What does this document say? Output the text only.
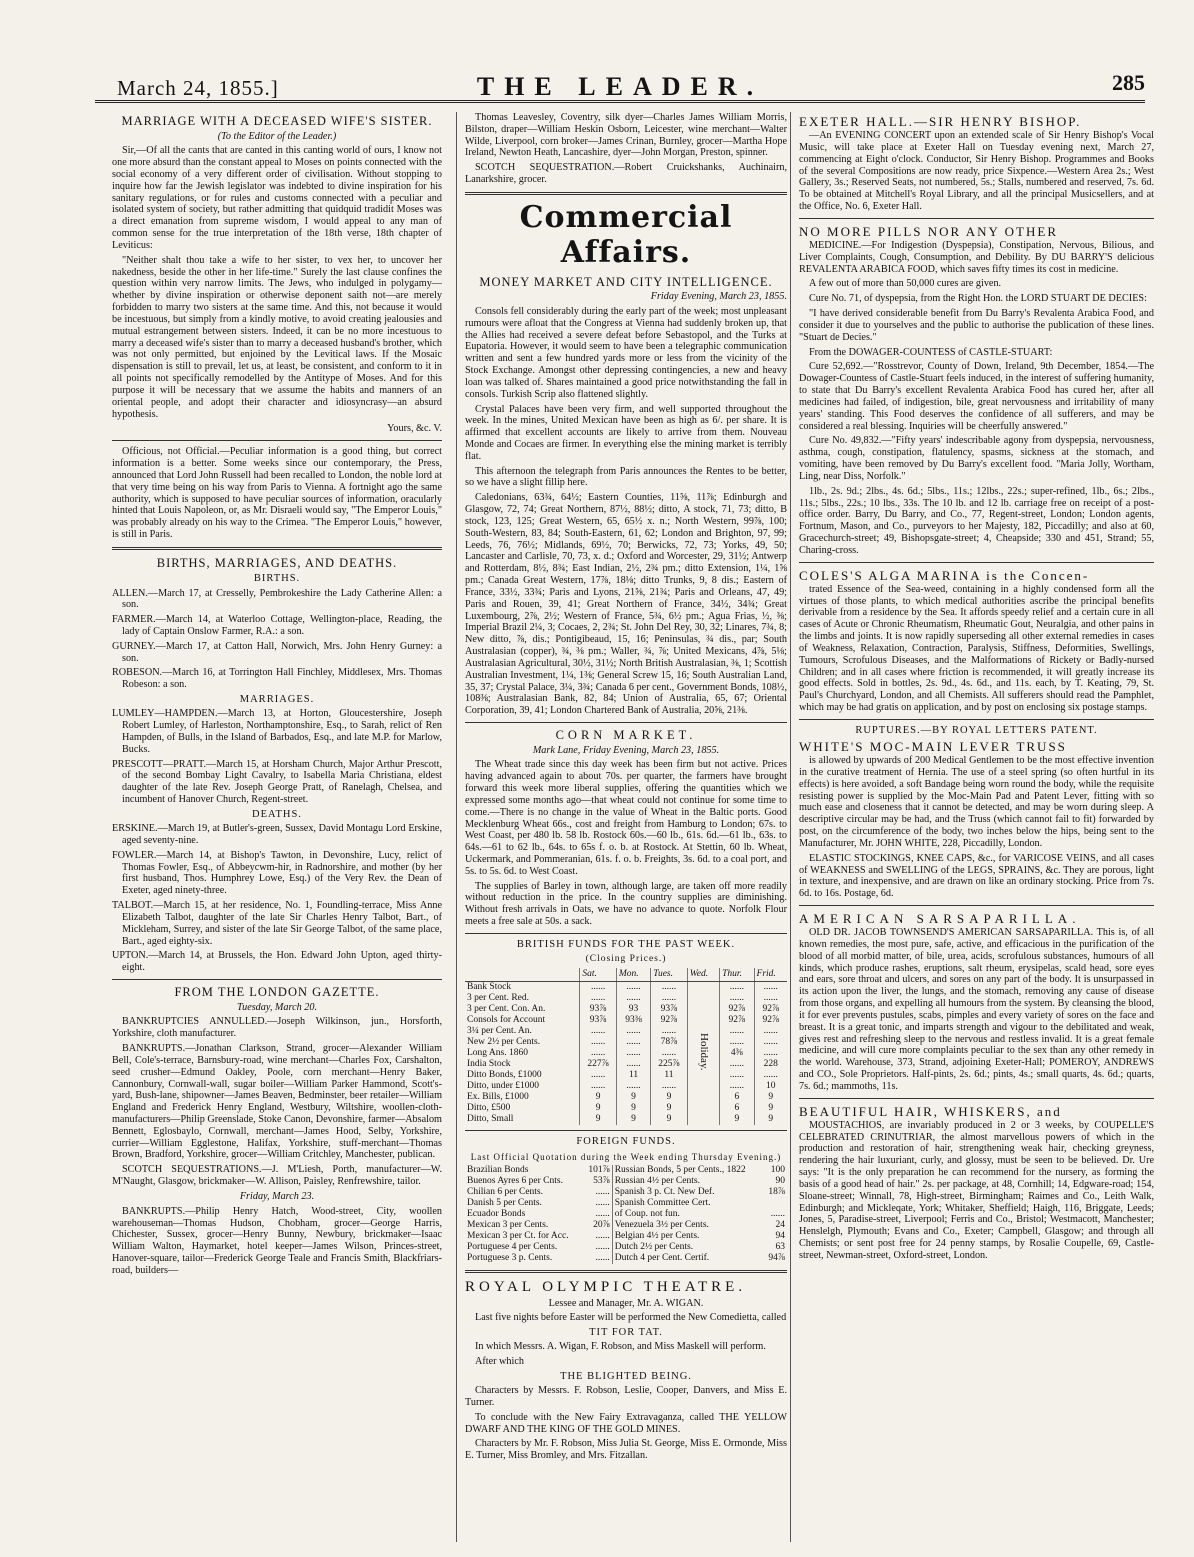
March 24, 1855.]	THE LEADER.	285
MARRIAGE WITH A DECEASED WIFE'S SISTER.
(To the Editor of the Leader.)

Sir,—Of all the cants that are canted in this canting world of ours, I know not one more absurd than the constant appeal to Moses on points connected with the social economy of a very different order of civilisation. Without stopping to inquire how far the Jewish legislator was indebted to divine inspiration for his sanitary regulations, or for rules and customs connected with a peculiar and isolated system of society, but rather admitting that quidquid tradidit Moses was a direct emanation from supreme wisdom, I would appeal to any man of common sense for the true interpretation of the 18th verse, 18th chapter of Leviticus:

"Neither shalt thou take a wife to her sister, to vex her, to uncover her nakedness, beside the other in her life-time." Surely the last clause confines the question within very narrow limits. The Jews, who indulged in polygamy—whether by divine inspiration or otherwise deponent saith not—are merely forbidden to marry two sisters at the same time. And this, not because it would be incestuous, but simply from a kindly motive, to avoid creating jealousies and mutual estrangement between sisters. Indeed, it can be no more incestuous to marry a deceased wife's sister than to marry a deceased husband's brother, which was not only permitted, but enjoined by the Levitical laws. If the Mosaic dispensation is still to prevail, let us, at least, be consistent, and conform to it in all points not specifically remodelled by the Antitype of Moses. And for this purpose it will be necessary that we assume the habits and manners of an oriental people, and adopt their character and idiosyncrasy—an absurd hypothesis.

Yours, &c. V.

Officious, not Official.—Peculiar information is a good thing, but correct information is a better. Some weeks since our contemporary, the Press, announced that Lord John Russell had been recalled to London, the noble lord at that very time being on his way from Paris to Vienna. A fortnight ago the same authority, which is supposed to have peculiar sources of information, oracularly hinted that Louis Napoleon, or, as Mr. Disraeli would say, "The Emperor Louis," was probably already on his way to the Crimea. "The Emperor Louis," however, is still in Paris.

BIRTHS, MARRIAGES, AND DEATHS.
BIRTHS.

ALLEN.—March 17, at Cresselly, Pembrokeshire the Lady Catherine Allen: a son.

FARMER.—March 14, at Waterloo Cottage, Wellington-place, Reading, the lady of Captain Onslow Farmer, R.A.: a son.

GURNEY.—March 17, at Catton Hall, Norwich, Mrs. John Henry Gurney: a son.

ROBESON.—March 16, at Torrington Hall Finchley, Middlesex, Mrs. Thomas Robeson: a son.

MARRIAGES.

LUMLEY—HAMPDEN.—March 13, at Horton, Gloucestershire, Joseph Robert Lumley, of Harleston, Northamptonshire, Esq., to Sarah, relict of Ren Hampden, of Bulls, in the Island of Barbados, Esq., and late M.P. for Marlow, Bucks.

PRESCOTT—PRATT.—March 15, at Horsham Church, Major Arthur Prescott, of the second Bombay Light Cavalry, to Isabella Maria Christiana, eldest daughter of the late Rev. Joseph George Pratt, of Ranelagh, Chelsea, and incumbent of Hanover Church, Regent-street.

DEATHS.

ERSKINE.—March 19, at Butler's-green, Sussex, David Montagu Lord Erskine, aged seventy-nine.

FOWLER.—March 14, at Bishop's Tawton, in Devonshire, Lucy, relict of Thomas Fowler, Esq., of Abbeycwm-hir, in Radnorshire, and mother (by her first husband, Thos. Humphrey Lowe, Esq.) of the Very Rev. the Dean of Exeter, aged ninety-three.

TALBOT.—March 15, at her residence, No. 1, Foundling-terrace, Miss Anne Elizabeth Talbot, daughter of the late Sir Charles Henry Talbot, Bart., of Mickleham, Surrey, and sister of the late Sir George Talbot, of the same place, Bart., aged eighty-six.

UPTON.—March 14, at Brussels, the Hon. Edward John Upton, aged thirty-eight.

FROM THE LONDON GAZETTE.
Tuesday, March 20.

BANKRUPTCIES ANNULLED.—Joseph Wilkinson, jun., Horsforth, Yorkshire, cloth manufacturer.

BANKRUPTS.—Jonathan Clarkson, Strand, grocer—Alexander William Bell, Cole's-terrace, Barnsbury-road, wine merchant—Charles Fox, Carshalton, seed crusher—Edmund Oakley, Poole, corn merchant—Henry Baker, Cannonbury, Cornwall-wall, sugar boiler—William Parker Hammond, Scott's-yard, Bush-lane, shipowner—James Beaven, Bedminster, beer retailer—William England and Frederick Henry England, Westbury, Wiltshire, woollen-cloth-manufacturers—Philip Greenslade, Stoke Canon, Devonshire, farmer—Absalom Bennett, Eglosbaylo, Cornwall, merchant—James Hood, Selby, Yorkshire, currier—William Egglestone, Halifax, Yorkshire, stuff-merchant—Thomas Brown, Bradford, Yorkshire, grocer—William Critchley, Manchester, publican.

SCOTCH SEQUESTRATIONS.—J. M'Liesh, Porth, manufacturer—W. M'Naught, Glasgow, brickmaker—W. Allison, Paisley, Renfrewshire, tailor.

Friday, March 23.

BANKRUPTS.—Philip Henry Hatch, Wood-street, City, woollen warehouseman—Thomas Hudson, Chobham, grocer—George Harris, Chichester, Sussex, grocer—Henry Bunny, Newbury, brickmaker—Isaac William Walton, Haymarket, hotel keeper—James Wilson, Princes-street, Hanover-square, tailor—Frederick George Teale and Francis Smith, Blackfriars-road, builders—

Thomas Leavesley, Coventry, silk dyer—Charles James William Morris, Bilston, draper—William Heskin Osborn, Leicester, wine merchant—Walter Wilde, Liverpool, corn broker—James Crinan, Burnley, grocer—Martha Hope Ireland, Newton Heath, Lancashire, dyer—John Morgan, Preston, spinner.

SCOTCH SEQUESTRATION.—Robert Cruickshanks, Auchinairn, Lanarkshire, grocer.

Commercial Affairs.
MONEY MARKET AND CITY INTELLIGENCE.
Friday Evening, March 23, 1855.

Consols fell considerably during the early part of the week; most unpleasant rumours were afloat that the Congress at Vienna had suddenly broken up, that the Allies had received a severe defeat before Sebastopol, and the Turks at Eupatoria. However, it would seem to have been a telegraphic communication written and sent a few hundred yards more or less from the vicinity of the Stock Exchange. Amongst other depressing contingencies, a new and heavy loan was talked of. Shares maintained a good price notwithstanding the fall in consols. Turkish Scrip also flattened slightly.

Crystal Palaces have been very firm, and well supported throughout the week. In the mines, United Mexican have been as high as 6/. per share. It is affirmed that excellent accounts are likely to arrive from them. Nouveau Monde and Cocaes are firmer. In everything else the mining market is terribly flat.

This afternoon the telegraph from Paris announces the Rentes to be better, so we have a slight fillip here.

Caledonians, 63¾, 64½; Eastern Counties, 11⅝, 11⅞; Edinburgh and Glasgow, 72, 74; Great Northern, 87½, 88½; ditto, A stock, 71, 73; ditto, B stock, 123, 125; Great Western, 65, 65½ x. n.; North Western, 99⅞, 100; South-Western, 83, 84; South-Eastern, 61, 62; London and Brighton, 97, 99; Leeds, 76, 76½; Midlands, 69½, 70; Berwicks, 72, 73; Yorks, 49, 50; Lancaster and Carlisle, 70, 73, x. d.; Oxford and Worcester, 29, 31½; Antwerp and Rotterdam, 8½, 8¾; East Indian, 2½, 2¾ pm.; ditto Extension, 1¼, 1⅝ pm.; Canada Great Western, 17⅞, 18⅛; ditto Trunks, 9, 8 dis.; Eastern of France, 33½, 33¾; Paris and Lyons, 21⅝, 21¾; Paris and Orleans, 47, 49; Paris and Rouen, 39, 41; Great Northern of France, 34½, 34¾; Great Luxembourg, 2⅞, 2½; Western of France, 5¾, 6½ pm.; Agua Frias, ½, ⅜; Imperial Brazil 2¼, 3; Cocaes, 2, 2¾; St. John Del Rey, 30, 32; Linares, 7¾, 8; New ditto, ⅞, dis.; Pontigibeaud, 15, 16; Peninsulas, ¾ dis., par; South Australasian (copper), ¾, ⅜ pm.; Waller, ¾, ⅞; United Mexicans, 4⅞, 5⅛; Australasian Agricultural, 30½, 31½; North British Australasian, ⅜, 1; Scottish Australian Investment, 1¼, 1⅜; General Screw 15, 16; South Australian Land, 35, 37; Crystal Palace, 3¼, 3¾; Canada 6 per cent., Government Bonds, 108½, 108⅜; Australasian Bank, 82, 84; Union of Australia, 65, 67; Oriental Corporation, 39, 41; London Chartered Bank of Australia, 20⅝, 21⅜.

CORN MARKET.
Mark Lane, Friday Evening, March 23, 1855.

The Wheat trade since this day week has been firm but not active. Prices having advanced again to about 70s. per quarter, the farmers have brought forward this week more liberal supplies, offering the quantities which we expressed some months ago—that wheat could not continue for some time to come.—There is no change in the value of Wheat in the Baltic ports. Good Mecklenburg Wheat 66s., cost and freight from Hamburg to London; 67s. to West Coast, per 480 lb. 58 lb. Rostock 60s.—60 lb., 61s. 6d.—61 lb., 63s. to 64s.—61 to 62 lb., 64s. to 65s f. o. b. at Rostock. At Stettin, 60 lb. Wheat, Uckermark, and Pommeranian, 61s. f. o. b. Freights, 3s. 6d. to a coal port, and 5s. to 5s. 6d. to West Coast.

The supplies of Barley in town, although large, are taken off more readily without reduction in the price. In the country supplies are diminishing. Without fresh arrivals in Oats, we have no advance to quote. Norfolk Flour meets a free sale at 50s. a sack.

BRITISH FUNDS FOR THE PAST WEEK.
(Closing Prices.)
	Sat.	Mon.	Tues.	Wed.	Thur.	Frid.
Bank Stock	......	......	......	Holiday.	......	......
3 per Cent. Red.	......	......	......		......	......
3 per Cent. Con. An.	93⅞	93	93⅞		92⅞	92⅞
Consols for Account	93⅞	93⅜	92⅞		92⅞	92⅞
3¼ per Cent. An.	......	......	......		......	......
New 2½ per Cents.	......	......	78⅞		......	......
Long Ans. 1860	......	......	......		4⅜	......
India Stock	227⅞	......	225⅞		......	228
Ditto Bonds, £1000	......	11	11		......	......
Ditto, under £1000	......	......	......		......	10
Ex. Bills, £1000	9	9	9		6	9
Ditto, £500	9	9	9		6	9
Ditto, Small	9	9	9		9	9
FOREIGN FUNDS.
Last Official Quotation during the Week ending Thursday Evening.)
Brazilian Bonds	101⅞	Russian Bonds, 5 per Cents., 1822	100
Buenos Ayres 6 per Cnts.	53⅞	Russian 4½ per Cents.	90
Chilian 6 per Cents.	......	Spanish 3 p. Ct. New Def.	18⅞
Danish 5 per Cents.	......	Spanish Committee Cert.	
Ecuador Bonds	......	of Coup. not fun.	......
Mexican 3 per Cents.	20⅞	Venezuela 3½ per Cents.	24
Mexican 3 per Ct. for Acc.	......	Belgian 4½ per Cents.	94
Portuguese 4 per Cents.	......	Dutch 2½ per Cents.	63
Portuguese 3 p. Cents.	......	Dutch 4 per Cent. Certif.	94⅞
ROYAL OLYMPIC THEATRE.
Lessee and Manager, Mr. A. WIGAN.

Last five nights before Easter will be performed the New Comedietta, called

TIT FOR TAT.

In which Messrs. A. Wigan, F. Robson, and Miss Maskell will perform.

After which

THE BLIGHTED BEING.

Characters by Messrs. F. Robson, Leslie, Cooper, Danvers, and Miss E. Turner.

To conclude with the New Fairy Extravaganza, called THE YELLOW DWARF AND THE KING OF THE GOLD MINES.

Characters by Mr. F. Robson, Miss Julia St. George, Miss E. Ormonde, Miss E. Turner, Miss Bromley, and Mrs. Fitzallan.

EXETER HALL.—SIR HENRY BISHOP.

—An EVENING CONCERT upon an extended scale of Sir Henry Bishop's Vocal Music, will take place at Exeter Hall on Tuesday evening next, March 27, commencing at Eight o'clock. Conductor, Sir Henry Bishop. Programmes and Books of the several Compositions are now ready, price Sixpence.—Western Area 2s.; West Gallery, 3s.; Reserved Seats, not numbered, 5s.; Stalls, numbered and reserved, 7s. 6d. To be obtained at Mitchell's Royal Library, and all the principal Musicsellers, and at the Office, No. 6, Exeter Hall.

NO MORE PILLS NOR ANY OTHER

MEDICINE.—For Indigestion (Dyspepsia), Constipation, Nervous, Bilious, and Liver Complaints, Cough, Consumption, and Debility. By DU BARRY'S delicious REVALENTA ARABICA FOOD, which saves fifty times its cost in medicine.

A few out of more than 50,000 cures are given.

Cure No. 71, of dyspepsia, from the Right Hon. the LORD STUART DE DECIES:

"I have derived considerable benefit from Du Barry's Revalenta Arabica Food, and consider it due to yourselves and the public to authorise the publication of these lines. "Stuart de Decies."

From the DOWAGER-COUNTESS of CASTLE-STUART:

Cure 52,692.—"Rosstrevor, County of Down, Ireland, 9th December, 1854.—The Dowager-Countess of Castle-Stuart feels induced, in the interest of suffering humanity, to state that Du Barry's excellent Revalenta Arabica Food has cured her, after all medicines had failed, of indigestion, bile, great nervousness and irritability of many years' standing. This Food deserves the confidence of all sufferers, and may be considered a real blessing. Inquiries will be cheerfully answered."

Cure No. 49,832.—"Fifty years' indescribable agony from dyspepsia, nervousness, asthma, cough, constipation, flatulency, spasms, sickness at the stomach, and vomiting, have been removed by Du Barry's excellent food. "Maria Jolly, Wortham, Ling, near Diss, Norfolk."

1lb., 2s. 9d.; 2lbs., 4s. 6d.; 5lbs., 11s.; 12lbs., 22s.; super-refined, 1lb., 6s.; 2lbs., 11s.; 5lbs., 22s.; 10 lbs., 33s. The 10 lb. and 12 lb. carriage free on receipt of a post-office order. Barry, Du Barry, and Co., 77, Regent-street, London; London agents, Fortnum, Mason, and Co., purveyors to her Majesty, 182, Piccadilly; and also at 60, Gracechurch-street; 49, Bishopsgate-street; 4, Cheapside; 330 and 451, Strand; 55, Charing-cross.

COLES'S ALGA MARINA is the Concen-

trated Essence of the Sea-weed, containing in a highly condensed form all the virtues of those plants, to which medical authorities ascribe the principal benefits derivable from a residence by the Sea. It affords speedy relief and a certain cure in all cases of Acute or Chronic Rheumatism, Rheumatic Gout, Neuralgia, and other pains in the limbs and joints. It is now rapidly superseding all other external remedies in cases of Weakness, Relaxation, Contraction, Paralysis, Stiffness, Deformities, Swellings, Tumours, Scrofulous Diseases, and the Malformations of Rickety or Badly-nursed Children; and in all cases where friction is recommended, it will greatly increase its good effects. Sold in bottles, 2s. 9d., 4s. 6d., and 11s. each, by T. Keating, 79, St. Paul's Churchyard, London, and all Chemists. All sufferers should read the Pamphlet, which may be had gratis on application, and by post on enclosing six postage stamps.

RUPTURES.—BY ROYAL LETTERS PATENT.
WHITE'S MOC-MAIN LEVER TRUSS

is allowed by upwards of 200 Medical Gentlemen to be the most effective invention in the curative treatment of Hernia. The use of a steel spring (so often hurtful in its effects) is here avoided, a soft Bandage being worn round the body, while the requisite resisting power is supplied by the Moc-Main Pad and Patent Lever, fitting with so much ease and closeness that it cannot be detected, and may be worn during sleep. A descriptive circular may be had, and the Truss (which cannot fail to fit) forwarded by post, on the circumference of the body, two inches below the hips, being sent to the Manufacturer, Mr. JOHN WHITE, 228, Piccadilly, London.

ELASTIC STOCKINGS, KNEE CAPS, &c., for VARICOSE VEINS, and all cases of WEAKNESS and SWELLING of the LEGS, SPRAINS, &c. They are porous, light in texture, and inexpensive, and are drawn on like an ordinary stocking. Price from 7s. 6d. to 16s. Postage, 6d.

AMERICAN SARSAPARILLA.

OLD DR. JACOB TOWNSEND'S AMERICAN SARSAPARILLA. This is, of all known remedies, the most pure, safe, active, and efficacious in the purification of the blood of all morbid matter, of bile, urea, acids, scrofulous substances, humours of all kinds, which produce rashes, eruptions, salt rheum, erysipelas, scald head, sore eyes and ears, sore throat and ulcers, and sores on any part of the body. It is unsurpassed in its action upon the liver, the lungs, and the stomach, removing any cause of disease from those organs, and expelling all humours from the system. By cleansing the blood, it for ever prevents pustules, scabs, pimples and every variety of sores on the face and breast. It is a great tonic, and imparts strength and vigour to the debilitated and weak, gives rest and refreshing sleep to the nervous and restless invalid. It is a great female medicine, and will cure more complaints peculiar to the sex than any other remedy in the world. Warehouse, 373, Strand, adjoining Exeter-Hall; POMEROY, ANDREWS and CO., Sole Proprietors. Half-pints, 2s. 6d.; pints, 4s.; small quarts, 4s. 6d.; quarts, 7s. 6d.; mammoths, 11s.

BEAUTIFUL HAIR, WHISKERS, and

MOUSTACHIOS, are invariably produced in 2 or 3 weeks, by COUPELLE'S CELEBRATED CRINUTRIAR, the almost marvellous powers of which in the production and restoration of hair, strengthening weak hair, checking greyness, rendering the hair luxuriant, curly, and glossy, must be seen to be believed. Dr. Ure says: "It is the only preparation he can recommend for the nursery, as forming the basis of a good head of hair." 2s. per package, at 48, Cornhill; 14, Edgware-road; 154, Sloane-street; Winnall, 78, High-street, Birmingham; Raimes and Co., Leith Walk, Edinburgh; and Mickleqate, York; Whitaker, Sheffield; Haigh, 116, Briggate, Leeds; Jones, 5, Paradise-street, Liverpool; Ferris and Co., Bristol; Westmacott, Manchester; Henslelgh, Plymouth; Evans and Co., Exeter; Campbell, Glasgow; and through all Chemists; or sent post free for 24 penny stamps, by Rosalie Coupelle, 69, Castle-street, Newman-street, Oxford-street, London.
